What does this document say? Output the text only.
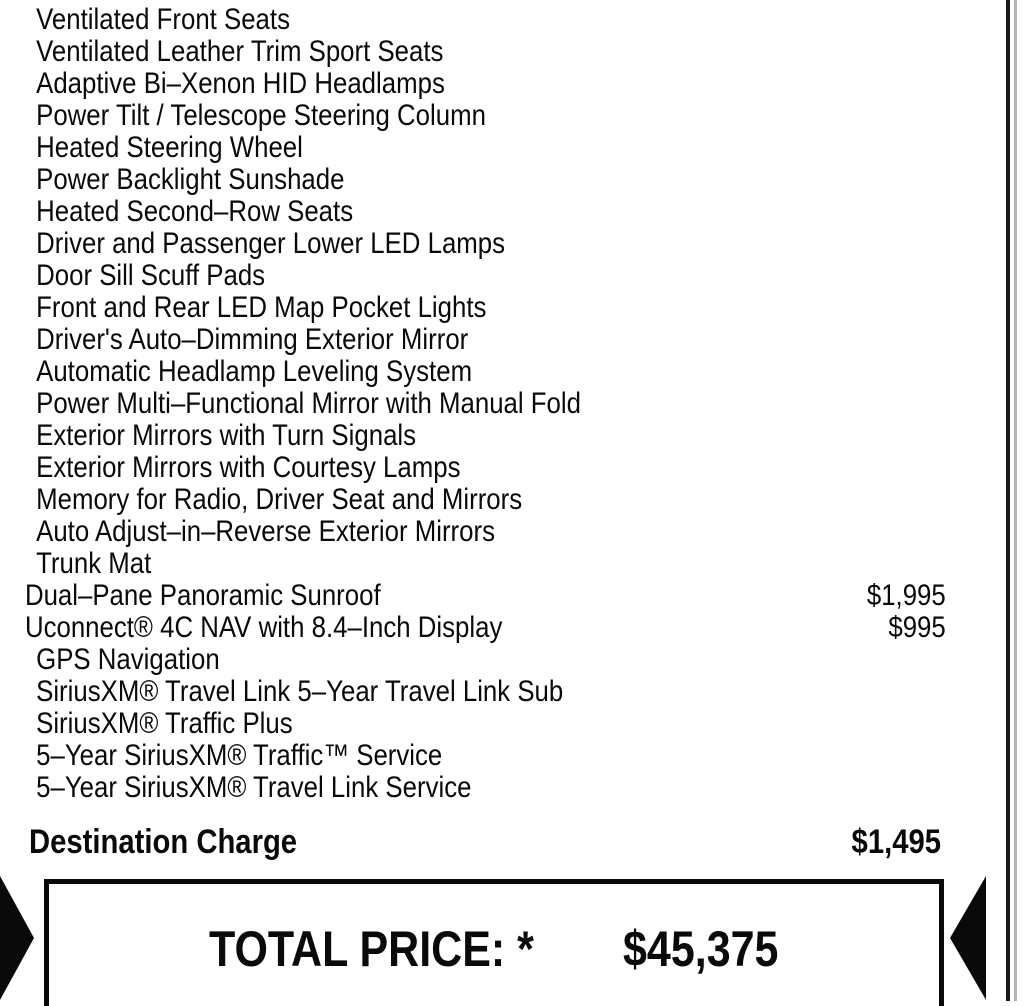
Ventilated Front Seats
Ventilated Leather Trim Sport Seats
Adaptive Bi–Xenon HID Headlamps
Power Tilt / Telescope Steering Column
Heated Steering Wheel
Power Backlight Sunshade
Heated Second–Row Seats
Driver and Passenger Lower LED Lamps
Door Sill Scuff Pads
Front and Rear LED Map Pocket Lights
Driver's Auto–Dimming Exterior Mirror
Automatic Headlamp Leveling System
Power Multi–Functional Mirror with Manual Fold
Exterior Mirrors with Turn Signals
Exterior Mirrors with Courtesy Lamps
Memory for Radio, Driver Seat and Mirrors
Auto Adjust–in–Reverse Exterior Mirrors
Trunk Mat
Dual–Pane Panoramic Sunroof	$1,995
Uconnect® 4C NAV with 8.4–Inch Display	$995
GPS Navigation
SiriusXM® Travel Link 5–Year Travel Link Sub
SiriusXM® Traffic Plus
5–Year SiriusXM® Traffic™ Service
5–Year SiriusXM® Travel Link Service
Destination Charge	$1,495
TOTAL PRICE: * $45,375
